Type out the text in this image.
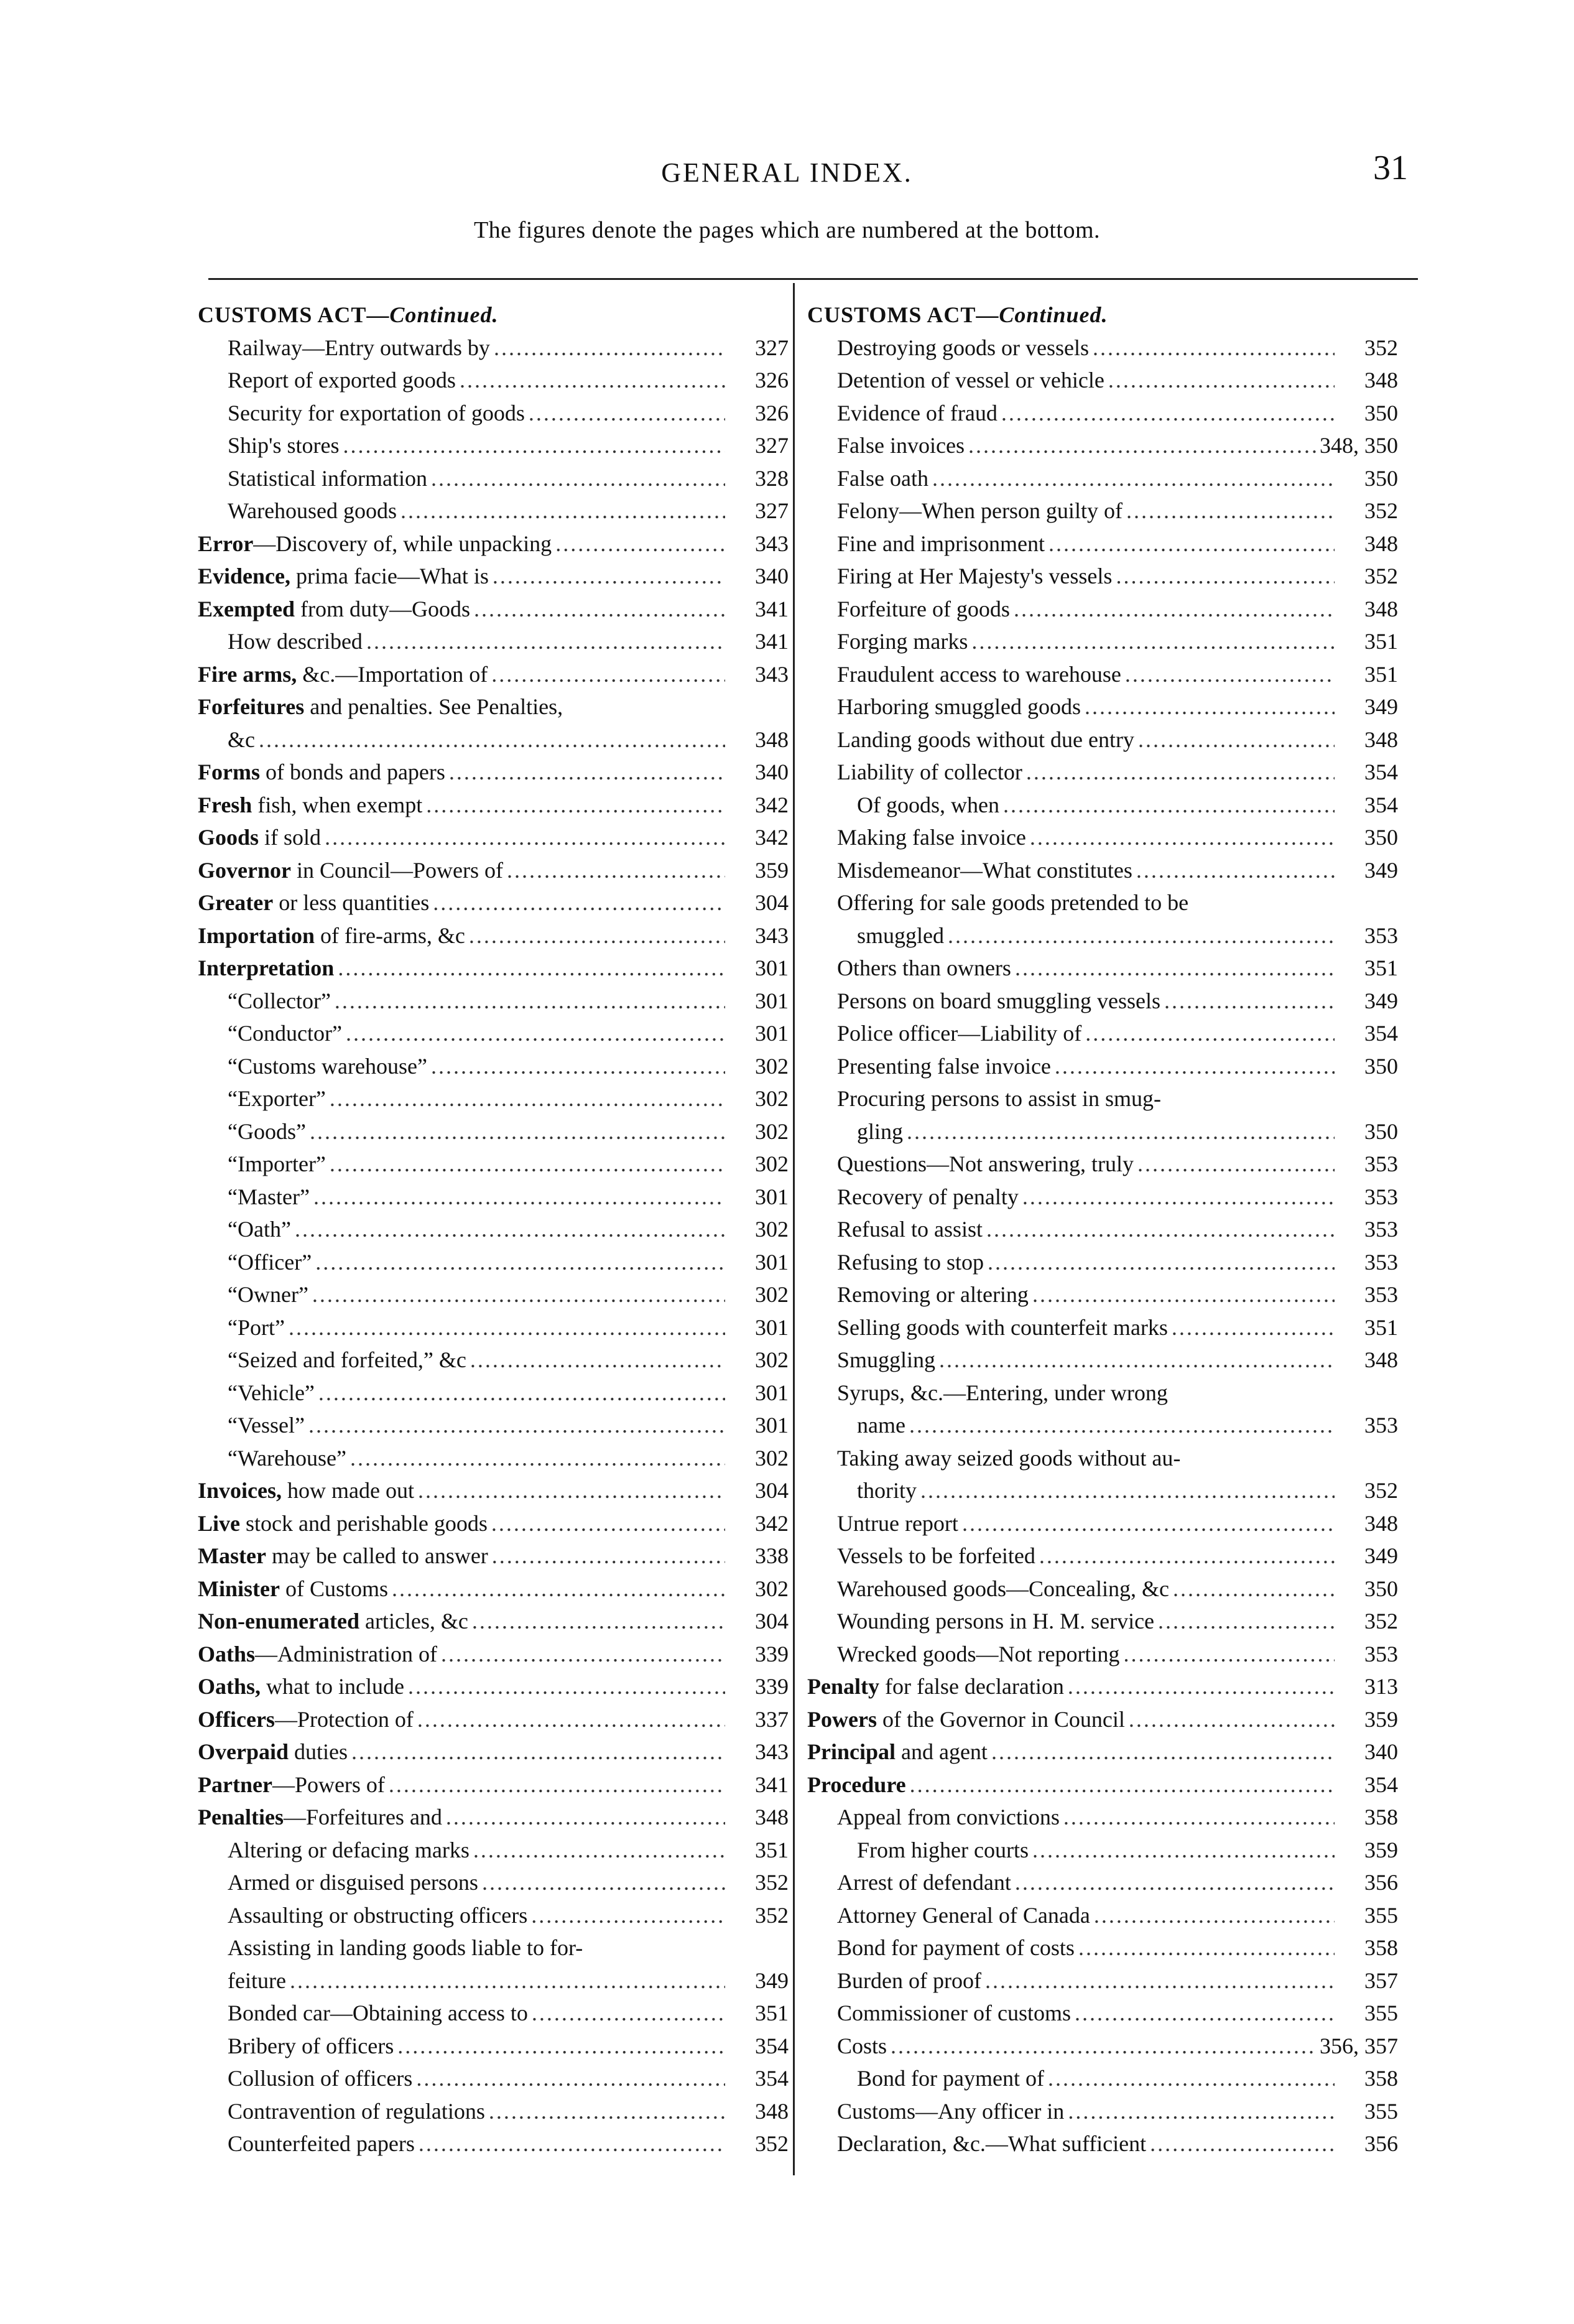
GENERAL INDEX.	31
The figures denote the pages which are numbered at the bottom.
CUSTOMS ACT—Continued.
Railway—Entry outwards by .....	327
Report of exported goods .....	326
Security for exportation of goods .....	326
Ship's stores .....	327
Statistical information .....	328
Warehoused goods .....	327
Error—Discovery of, while unpacking .....	343
Evidence, prima facie—What is .....	340
Exempted from duty—Goods .....	341
How described .....	341
Fire arms, &c.—Importation of .....	343
Forfeitures and penalties. See Penalties,
&c .....	348
Forms of bonds and papers .....	340
Fresh fish, when exempt .....	342
Goods if sold .....	342
Governor in Council—Powers of .....	359
Greater or less quantities .....	304
Importation of fire-arms, &c .....	343
Interpretation .....	301
“Collector” .....	301
“Conductor” .....	301
“Customs warehouse” .....	302
“Exporter” .....	302
“Goods” .....	302
“Importer” .....	302
“Master” .....	301
“Oath” .....	302
“Officer” .....	301
“Owner” .....	302
“Port” .....	301
“Seized and forfeited,” &c .....	302
“Vehicle” .....	301
“Vessel” .....	301
“Warehouse” .....	302
Invoices, how made out .....	304
Live stock and perishable goods .....	342
Master may be called to answer .....	338
Minister of Customs .....	302
Non-enumerated articles, &c .....	304
Oaths—Administration of .....	339
Oaths, what to include .....	339
Officers—Protection of .....	337
Overpaid duties .....	343
Partner—Powers of .....	341
Penalties—Forfeitures and .....	348
Altering or defacing marks .....	351
Armed or disguised persons .....	352
Assaulting or obstructing officers .....	352
Assisting in landing goods liable to for-
feiture .....	349
Bonded car—Obtaining access to .....	351
Bribery of officers .....	354
Collusion of officers .....	354
Contravention of regulations .....	348
Counterfeited papers .....	352
CUSTOMS ACT—Continued.
Destroying goods or vessels .....	352
Detention of vessel or vehicle .....	348
Evidence of fraud .....	350
False invoices .....	348, 350
False oath .....	350
Felony—When person guilty of .....	352
Fine and imprisonment .....	348
Firing at Her Majesty's vessels .....	352
Forfeiture of goods .....	348
Forging marks .....	351
Fraudulent access to warehouse .....	351
Harboring smuggled goods .....	349
Landing goods without due entry .....	348
Liability of collector .....	354
Of goods, when .....	354
Making false invoice .....	350
Misdemeanor—What constitutes .....	349
Offering for sale goods pretended to be
smuggled .....	353
Others than owners .....	351
Persons on board smuggling vessels .....	349
Police officer—Liability of .....	354
Presenting false invoice .....	350
Procuring persons to assist in smug-
gling .....	350
Questions—Not answering, truly .....	353
Recovery of penalty .....	353
Refusal to assist .....	353
Refusing to stop .....	353
Removing or altering .....	353
Selling goods with counterfeit marks .....	351
Smuggling .....	348
Syrups, &c.—Entering, under wrong
name .....	353
Taking away seized goods without au-
thority .....	352
Untrue report .....	348
Vessels to be forfeited .....	349
Warehoused goods—Concealing, &c .....	350
Wounding persons in H. M. service .....	352
Wrecked goods—Not reporting .....	353
Penalty for false declaration .....	313
Powers of the Governor in Council .....	359
Principal and agent .....	340
Procedure .....	354
Appeal from convictions .....	358
From higher courts .....	359
Arrest of defendant .....	356
Attorney General of Canada .....	355
Bond for payment of costs .....	358
Burden of proof .....	357
Commissioner of customs .....	355
Costs .....	356, 357
Bond for payment of .....	358
Customs—Any officer in .....	355
Declaration, &c.—What sufficient .....	356
